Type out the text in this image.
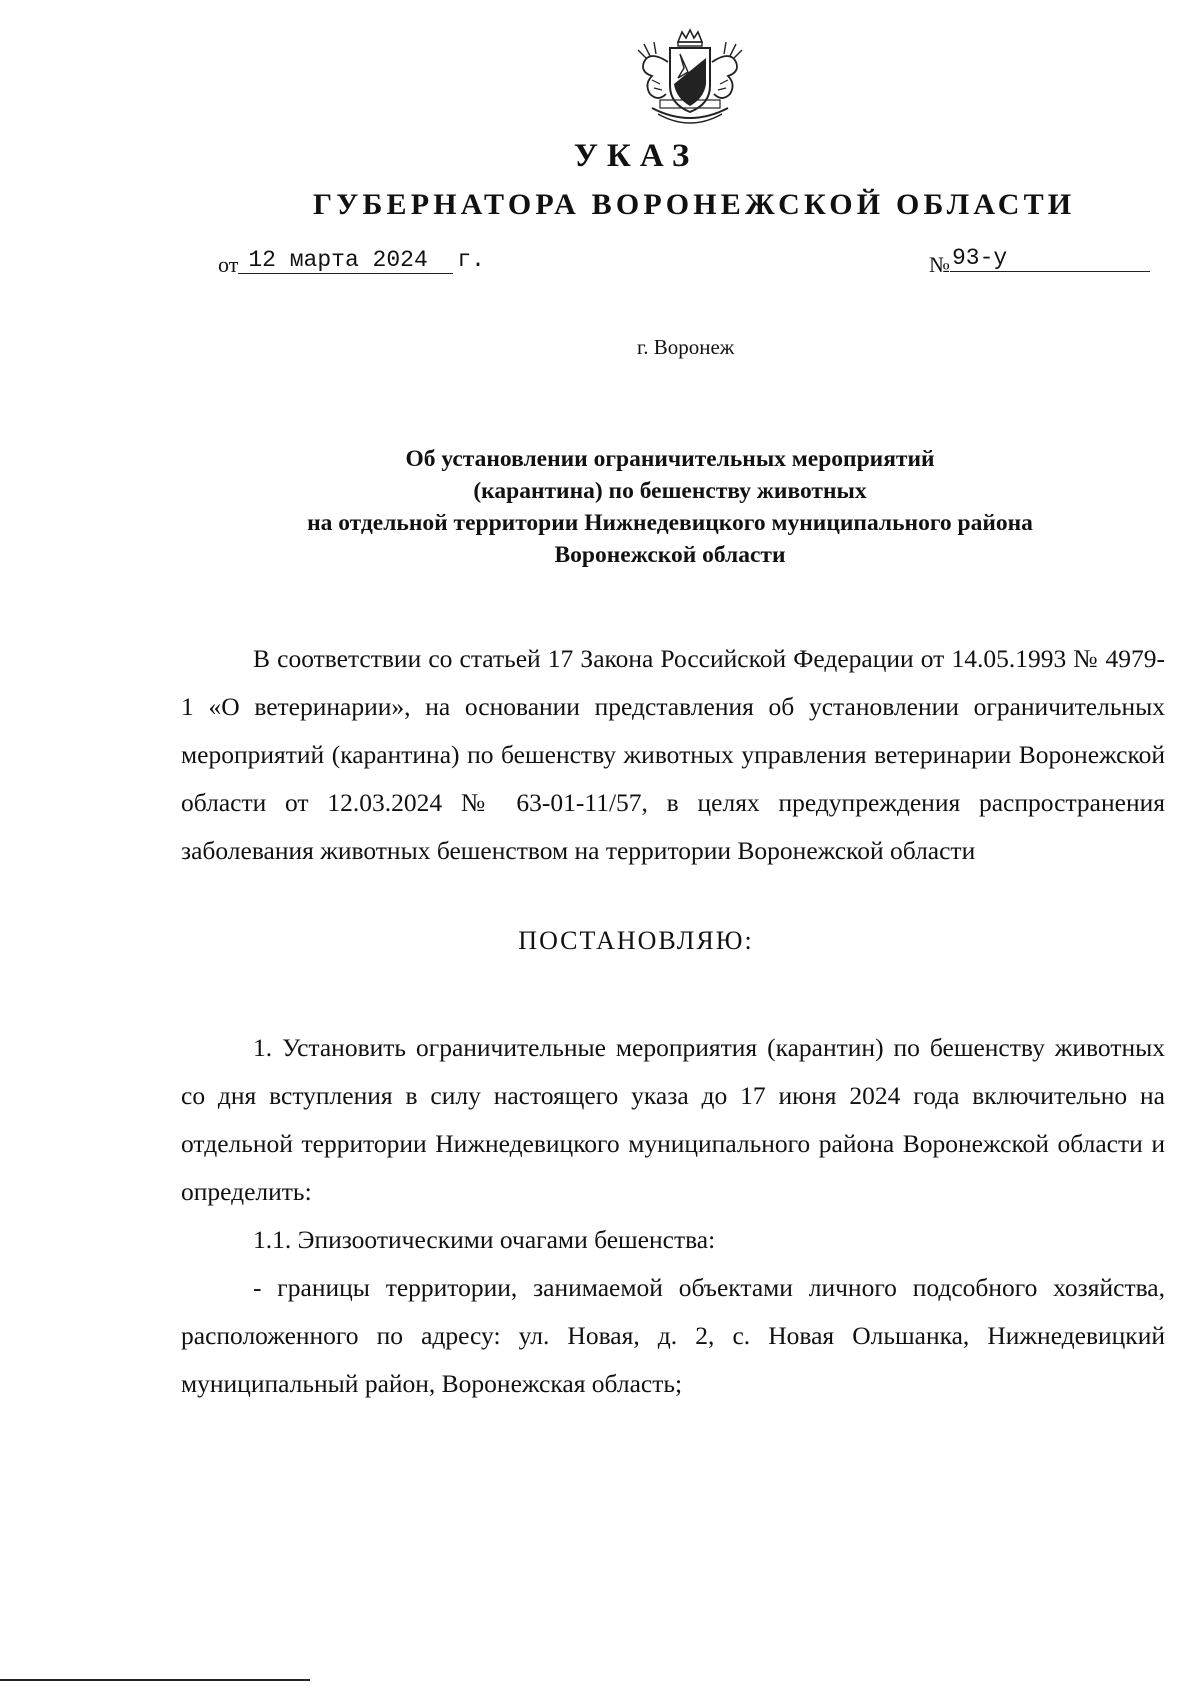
УКАЗ
ГУБЕРНАТОРА ВОРОНЕЖСКОЙ ОБЛАСТИ
от 12 марта 2024 г.	№93-у
г. Воронеж
Об установлении ограничительных мероприятий
(карантина) по бешенству животных
на отдельной территории Нижнедевицкого муниципального района
Воронежской области
В соответствии со статьей 17 Закона Российской Федерации от 14.05.1993 № 4979-1 «О ветеринарии», на основании представления об установлении ограничительных мероприятий (карантина) по бешенству животных управления ветеринарии Воронежской области от 12.03.2024 № 63-01-11/57, в целях предупреждения распространения заболевания животных бешенством на территории Воронежской области
ПОСТАНОВЛЯЮ:
1. Установить ограничительные мероприятия (карантин) по бешенству животных со дня вступления в силу настоящего указа до 17 июня 2024 года включительно на отдельной территории Нижнедевицкого муниципального района Воронежской области и определить:
1.1. Эпизоотическими очагами бешенства:
- границы территории, занимаемой объектами личного подсобного хозяйства, расположенного по адресу: ул. Новая, д. 2, с. Новая Ольшанка, Нижнедевицкий муниципальный район, Воронежская область;
